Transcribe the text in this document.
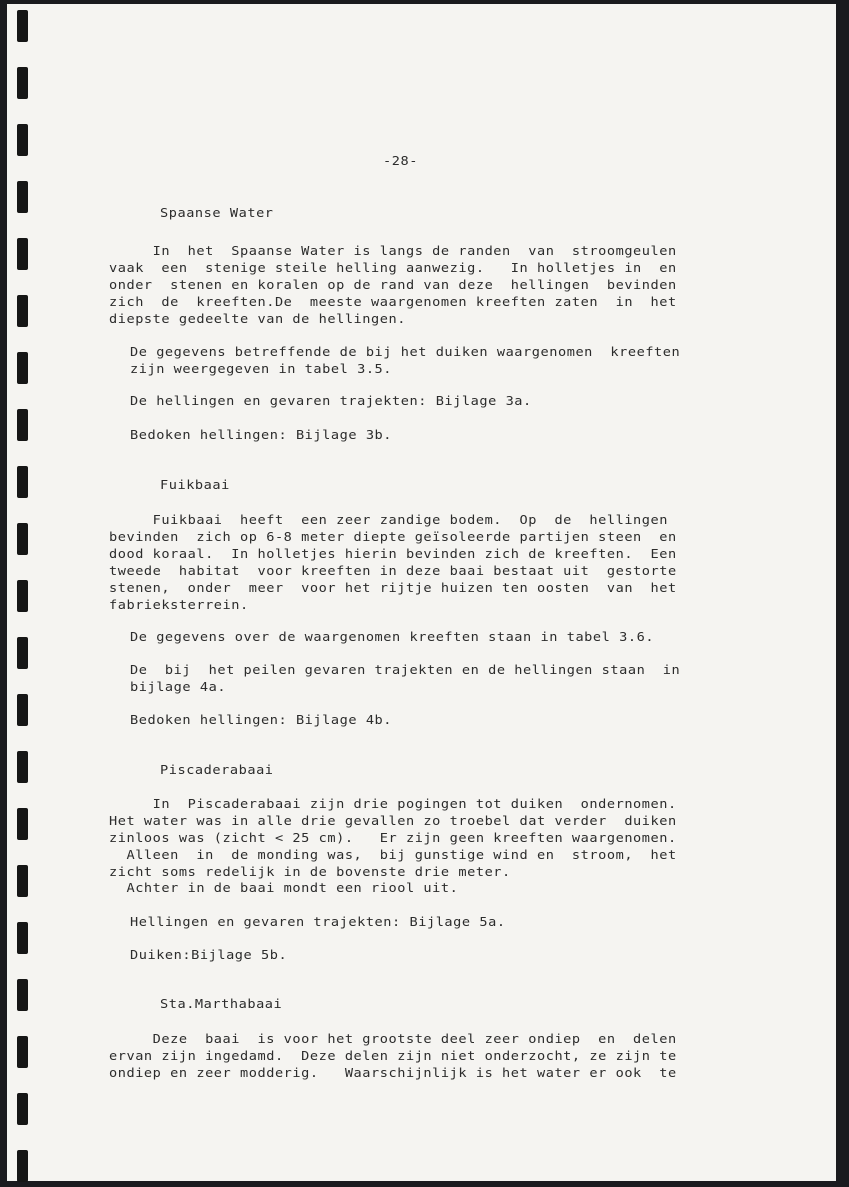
-28-
Spaanse Water
In  het  Spaanse Water is langs de randen  van  stroomgeulen
vaak  een  stenige steile helling aanwezig.   In holletjes in  en
onder  stenen en koralen op de rand van deze  hellingen  bevinden
zich  de  kreeften.De  meeste waargenomen kreeften zaten  in  het
diepste gedeelte van de hellingen.
De gegevens betreffende de bij het duiken waargenomen  kreeften
zijn weergegeven in tabel 3.5.
De hellingen en gevaren trajekten: Bijlage 3a.
Bedoken hellingen: Bijlage 3b.
Fuikbaai
Fuikbaai  heeft  een zeer zandige bodem.  Op  de  hellingen
bevinden  zich op 6-8 meter diepte geïsoleerde partijen steen  en
dood koraal.  In holletjes hierin bevinden zich de kreeften.  Een
tweede  habitat  voor kreeften in deze baai bestaat uit  gestorte
stenen,  onder  meer  voor het rijtje huizen ten oosten  van  het
fabrieksterrein.
De gegevens over de waargenomen kreeften staan in tabel 3.6.
De  bij  het peilen gevaren trajekten en de hellingen staan  in
bijlage 4a.
Bedoken hellingen: Bijlage 4b.
Piscaderabaai
In  Piscaderabaai zijn drie pogingen tot duiken  ondernomen.
Het water was in alle drie gevallen zo troebel dat verder  duiken
zinloos was (zicht < 25 cm).   Er zijn geen kreeften waargenomen.
Alleen  in  de monding was,  bij gunstige wind en  stroom,  het
zicht soms redelijk in de bovenste drie meter.
Achter in de baai mondt een riool uit.
Hellingen en gevaren trajekten: Bijlage 5a.
Duiken:Bijlage 5b.
Sta.Marthabaai
Deze  baai  is voor het grootste deel zeer ondiep  en  delen
ervan zijn ingedamd.  Deze delen zijn niet onderzocht, ze zijn te
ondiep en zeer modderig.   Waarschijnlijk is het water er ook  te
